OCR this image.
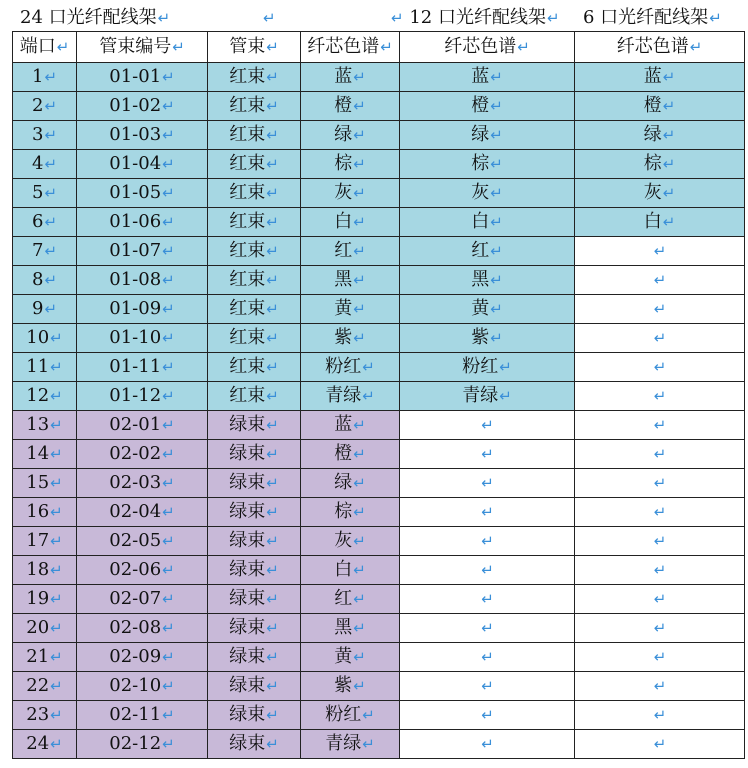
24 口光纤配线架↵	↵	↵ 12 口光纤配线架↵ 6 口光纤配线架↵
端口↵	管束编号↵	管束↵	纤芯色谱↵	纤芯色谱↵	纤芯色谱↵
1↵	01-01↵	红束↵	蓝↵	蓝↵	蓝↵
2↵	01-02↵	红束↵	橙↵	橙↵	橙↵
3↵	01-03↵	红束↵	绿↵	绿↵	绿↵
4↵	01-04↵	红束↵	棕↵	棕↵	棕↵
5↵	01-05↵	红束↵	灰↵	灰↵	灰↵
6↵	01-06↵	红束↵	白↵	白↵	白↵
7↵	01-07↵	红束↵	红↵	红↵	↵
8↵	01-08↵	红束↵	黑↵	黑↵	↵
9↵	01-09↵	红束↵	黄↵	黄↵	↵
10↵	01-10↵	红束↵	紫↵	紫↵	↵
11↵	01-11↵	红束↵	粉红↵	粉红↵	↵
12↵	01-12↵	红束↵	青绿↵	青绿↵	↵
13↵	02-01↵	绿束↵	蓝↵	↵	↵
14↵	02-02↵	绿束↵	橙↵	↵	↵
15↵	02-03↵	绿束↵	绿↵	↵	↵
16↵	02-04↵	绿束↵	棕↵	↵	↵
17↵	02-05↵	绿束↵	灰↵	↵	↵
18↵	02-06↵	绿束↵	白↵	↵	↵
19↵	02-07↵	绿束↵	红↵	↵	↵
20↵	02-08↵	绿束↵	黑↵	↵	↵
21↵	02-09↵	绿束↵	黄↵	↵	↵
22↵	02-10↵	绿束↵	紫↵	↵	↵
23↵	02-11↵	绿束↵	粉红↵	↵	↵
24↵	02-12↵	绿束↵	青绿↵	↵	↵
